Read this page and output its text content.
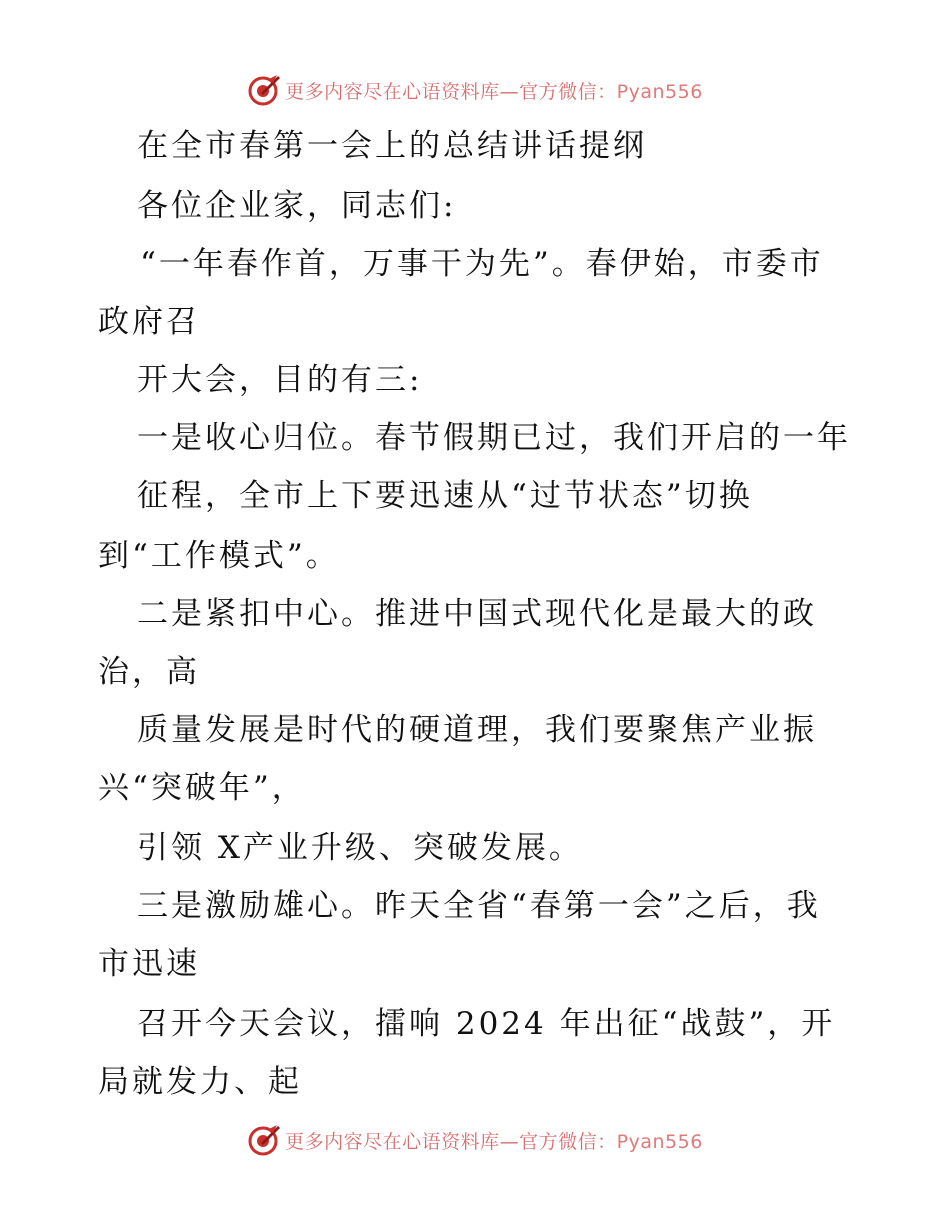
更多内容尽在心语资料库—官方微信：Pyan556
在全市春第一会上的总结讲话提纲
各位企业家，同志们:
“一年春作首，万事干为先”。春伊始，市委市
政府召
开大会，目的有三:
一是收心归位。春节假期已过，我们开启的一年
征程，全市上下要迅速从“过节状态”切换
到“工作模式”。
二是紧扣中心。推进中国式现代化是最大的政
治，高
质量发展是时代的硬道理，我们要聚焦产业振
兴“突破年”，
引领 X产业升级、突破发展。
三是激励雄心。昨天全省“春第一会”之后，我
市迅速
召开今天会议，擂响 2024 年出征“战鼓”，开
局就发力、起
更多内容尽在心语资料库—官方微信：Pyan556
